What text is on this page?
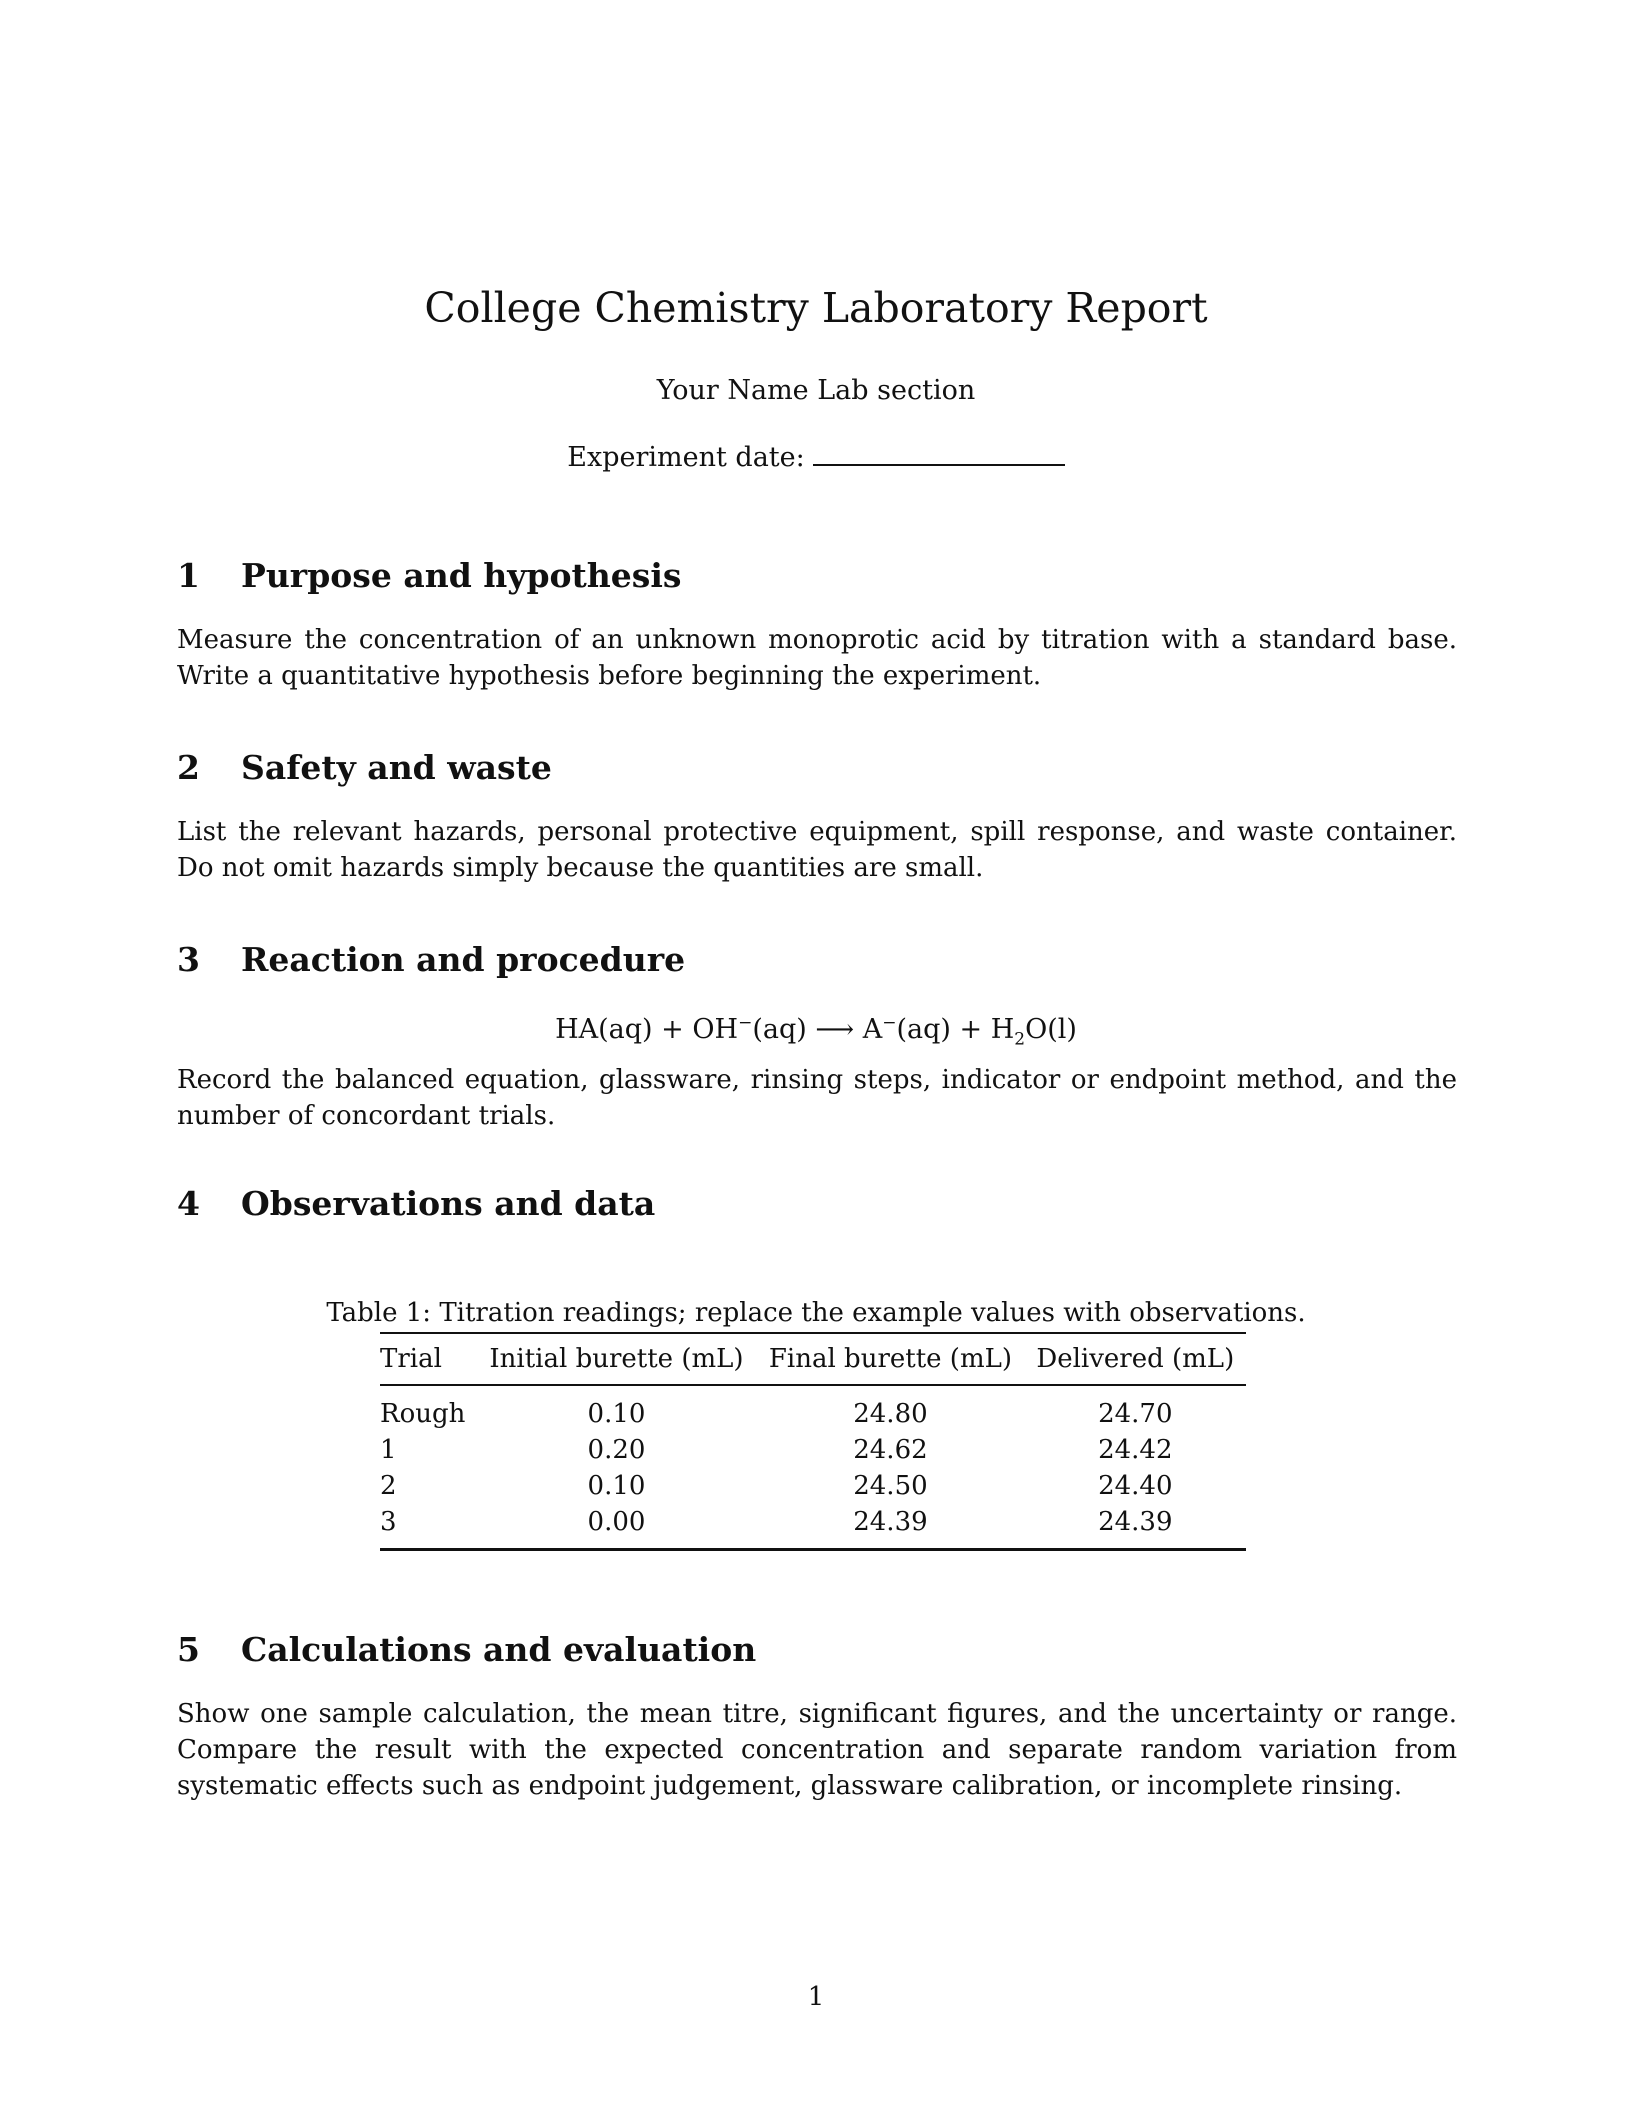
College Chemistry Laboratory Report

Your Name Lab section

Experiment date:

1 Purpose and hypothesis

Measure the concentration of an unknown monoprotic acid by titration with a standard base. Write a quantitative hypothesis before beginning the experiment.

2 Safety and waste

List the relevant hazards, personal protective equipment, spill response, and waste container. Do not omit hazards simply because the quantities are small.

3 Reaction and procedure

HA(aq) + OH−(aq) ⟶ $A^-(aq) + H_2O(l)$

Record the balanced equation, glassware, rinsing steps, indicator or endpoint method, and the number of concordant trials.

4 Observations and data

Table 1: Titration readings; replace the example values with observations.

Trial	Initial burette (mL)	Final burette (mL)	Delivered (mL)
Rough	0.10	24.80	24.70
1	0.20	24.62	24.42
2	0.10	24.50	24.40
3	0.00	24.39	24.39
5 Calculations and evaluation

Show one sample calculation, the mean titre, significant figures, and the uncertainty or range. Compare the result with the expected concentration and separate random variation from systematic effects such as endpoint judgement, glassware calibration, or incomplete rinsing.

1
